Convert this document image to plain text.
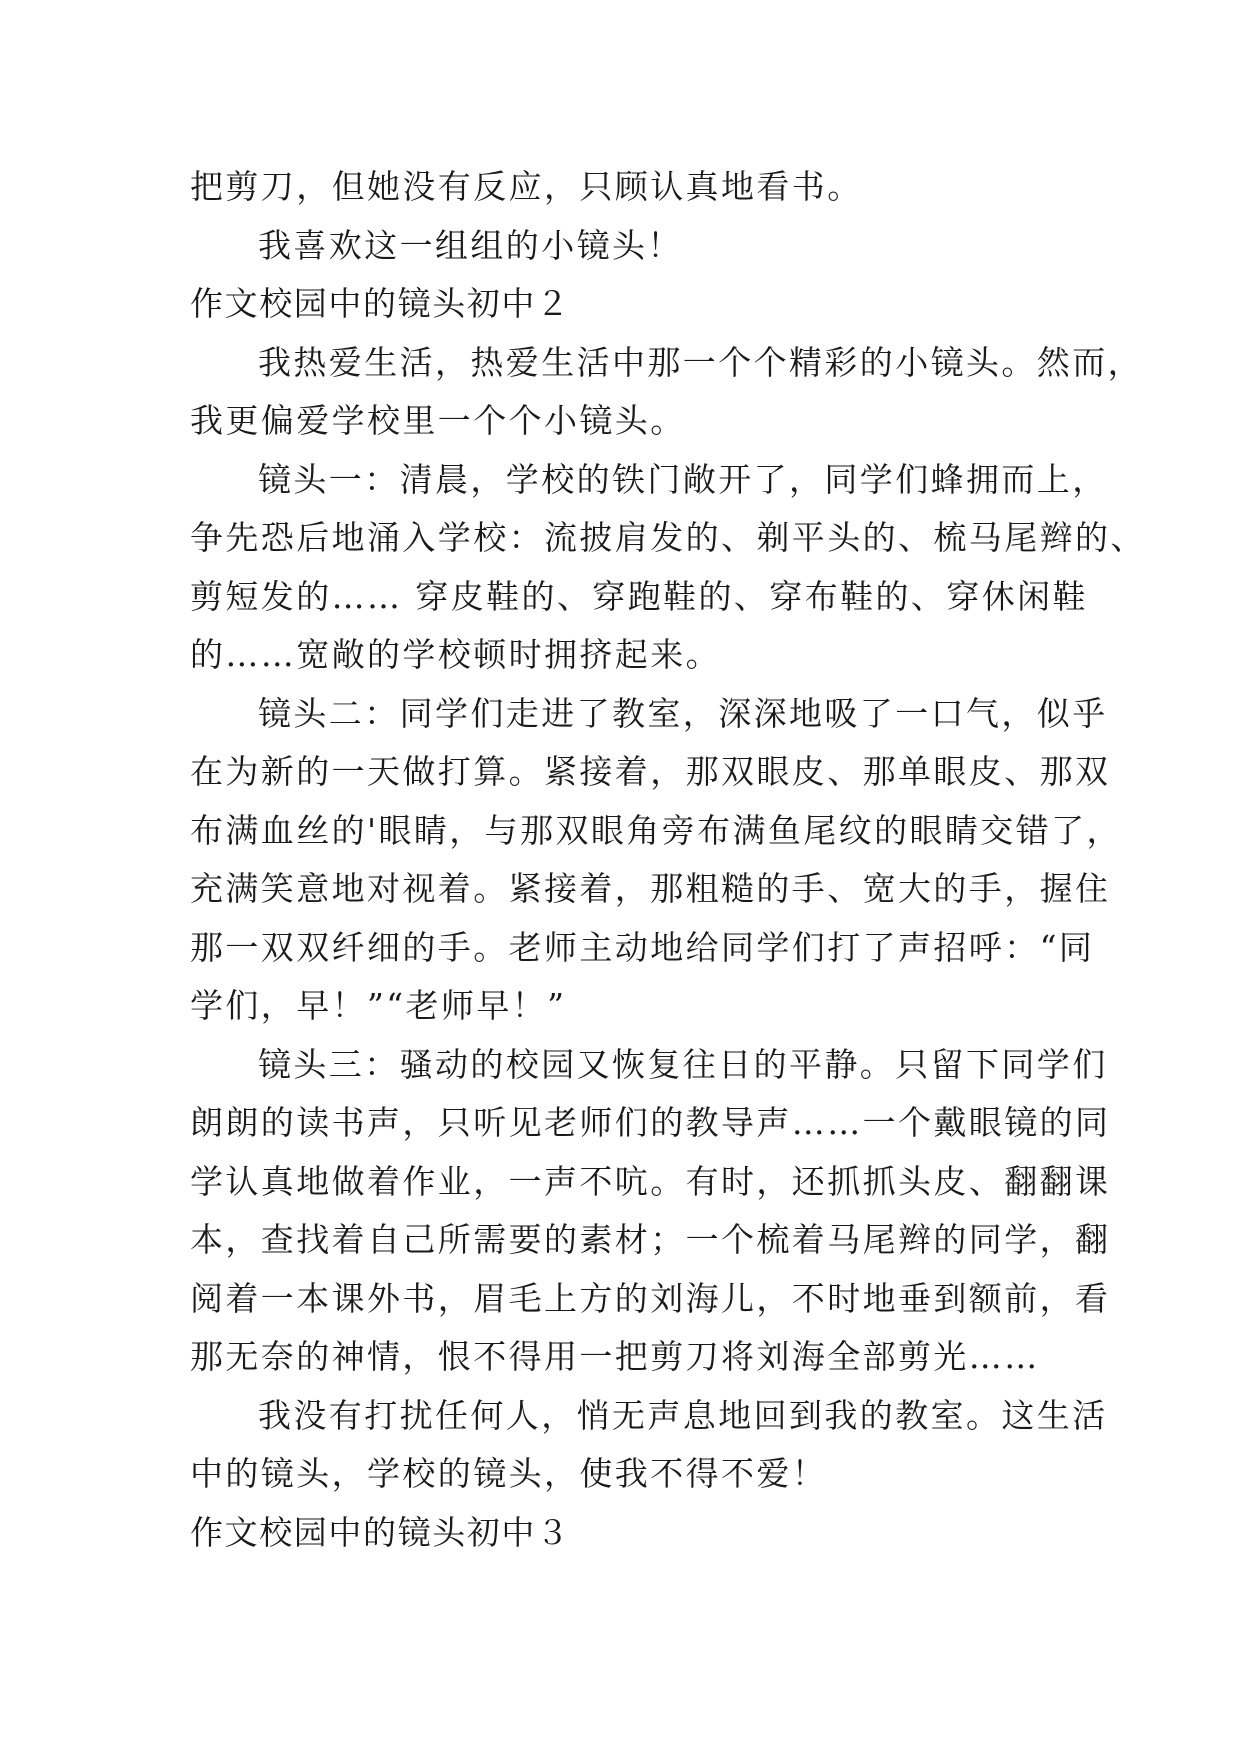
把剪刀，但她没有反应，只顾认真地看书。
我喜欢这一组组的小镜头！
作文校园中的镜头初中２
我热爱生活，热爱生活中那一个个精彩的小镜头。然而，
我更偏爱学校里一个个小镜头。
镜头一：清晨，学校的铁门敞开了，同学们蜂拥而上，
争先恐后地涌入学校：流披肩发的、剃平头的、梳马尾辫的、
剪短发的…… 穿皮鞋的、穿跑鞋的、穿布鞋的、穿休闲鞋
的……宽敞的学校顿时拥挤起来。
镜头二：同学们走进了教室，深深地吸了一口气，似乎
在为新的一天做打算。紧接着，那双眼皮、那单眼皮、那双
布满血丝的'眼睛，与那双眼角旁布满鱼尾纹的眼睛交错了，
充满笑意地对视着。紧接着，那粗糙的手、宽大的手，握住
那一双双纤细的手。老师主动地给同学们打了声招呼：“同
学们，早！”“老师早！”
镜头三：骚动的校园又恢复往日的平静。只留下同学们
朗朗的读书声，只听见老师们的教导声……一个戴眼镜的同
学认真地做着作业，一声不吭。有时，还抓抓头皮、翻翻课
本，查找着自己所需要的素材；一个梳着马尾辫的同学，翻
阅着一本课外书，眉毛上方的刘海儿，不时地垂到额前，看
那无奈的神情，恨不得用一把剪刀将刘海全部剪光……
我没有打扰任何人，悄无声息地回到我的教室。这生活
中的镜头，学校的镜头，使我不得不爱！
作文校园中的镜头初中３
